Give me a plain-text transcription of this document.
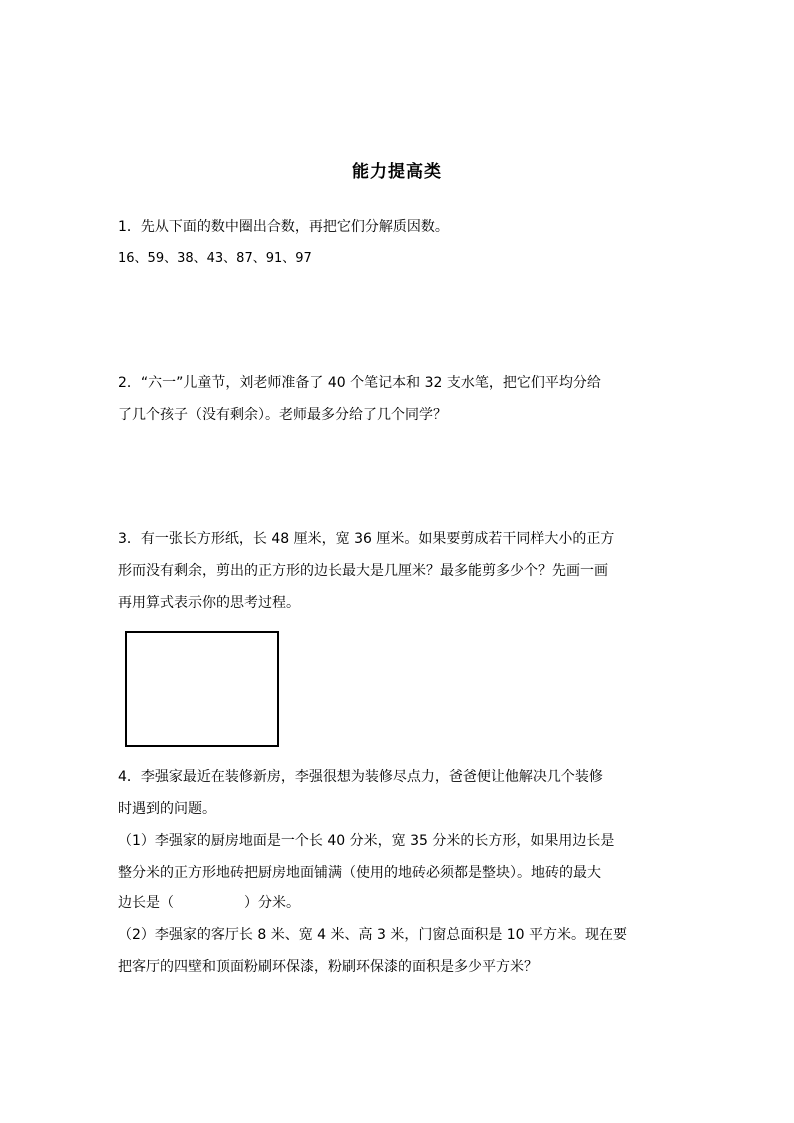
能力提高类
1．先从下面的数中圈出合数，再把它们分解质因数。
16、59、38、43、87、91、97
2．“六一”儿童节，刘老师准备了 40 个笔记本和 32 支水笔，把它们平均分给
了几个孩子（没有剩余）。老师最多分给了几个同学？
3．有一张长方形纸，长 48 厘米，宽 36 厘米。如果要剪成若干同样大小的正方
形而没有剩余，剪出的正方形的边长最大是几厘米？最多能剪多少个？先画一画
再用算式表示你的思考过程。
4．李强家最近在装修新房，李强很想为装修尽点力，爸爸便让他解决几个装修
时遇到的问题。
（1）李强家的厨房地面是一个长 40 分米，宽 35 分米的长方形，如果用边长是
整分米的正方形地砖把厨房地面铺满（使用的地砖必须都是整块）。地砖的最大
边长是（	）分米。
（2）李强家的客厅长 8 米、宽 4 米、高 3 米，门窗总面积是 10 平方米。现在要
把客厅的四壁和顶面粉刷环保漆，粉刷环保漆的面积是多少平方米？
